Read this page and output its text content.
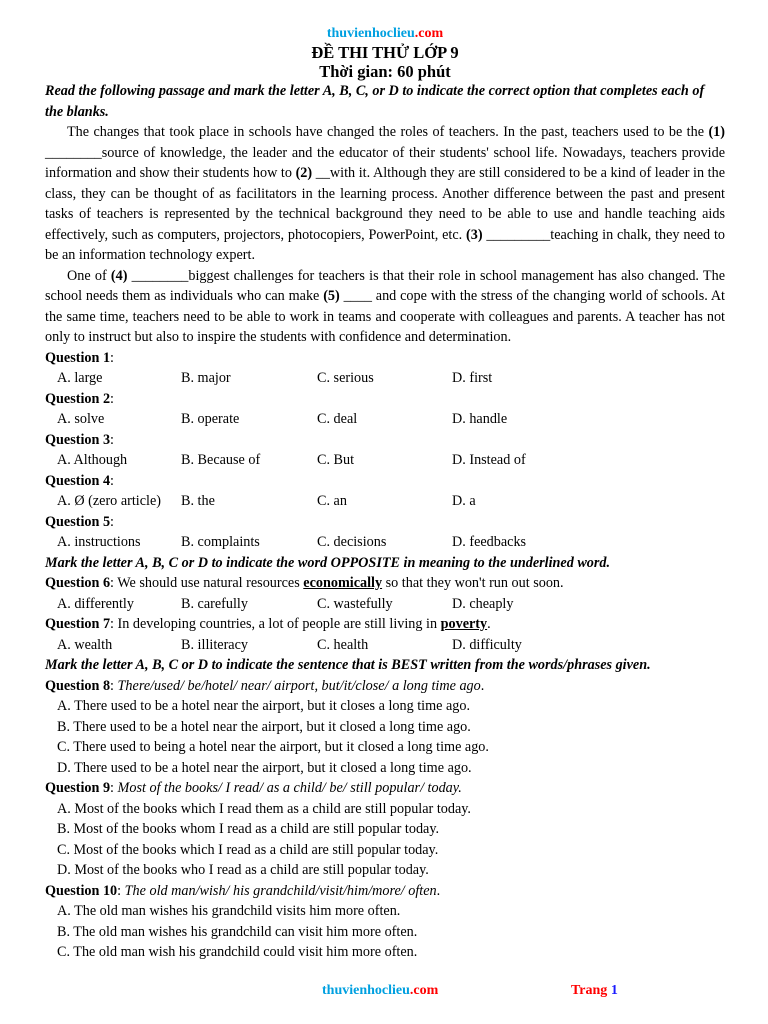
thuvienhoclieu.com
ĐỀ THI THỬ LỚP 9
Thời gian: 60 phút
Read the following passage and mark the letter A, B, C, or D to indicate the correct option that completes each of the blanks.
The changes that took place in schools have changed the roles of teachers. In the past, teachers used to be the (1) ________source of knowledge, the leader and the educator of their students' school life. Nowadays, teachers provide information and show their students how to (2) __with it. Although they are still considered to be a kind of leader in the class, they can be thought of as facilitators in the learning process. Another difference between the past and present tasks of teachers is represented by the technical background they need to be able to use and handle teaching aids effectively, such as computers, projectors, photocopiers, PowerPoint, etc. (3) _________teaching in chalk, they need to be an information technology expert.
One of (4) ________biggest challenges for teachers is that their role in school management has also changed. The school needs them as individuals who can make (5) ____ and cope with the stress of the changing world of schools. At the same time, teachers need to be able to work in teams and cooperate with colleagues and parents. A teacher has not only to instruct but also to inspire the students with confidence and determination.
Question 1:
A. large	B. major	C. serious	D. first
Question 2:
A. solve	B. operate	C. deal	D. handle
Question 3:
A. Although	B. Because of	C. But	D. Instead of
Question 4:
A. Ø (zero article)	B. the	C. an	D. a
Question 5:
A. instructions	B. complaints	C. decisions	D. feedbacks
Mark the letter A, B, C or D to indicate the word OPPOSITE in meaning to the underlined word.
Question 6: We should use natural resources economically so that they won't run out soon.
A. differently	B. carefully	C. wastefully	D. cheaply
Question 7: In developing countries, a lot of people are still living in poverty.
A. wealth	B. illiteracy	C. health	D. difficulty
Mark the letter A, B, C or D to indicate the sentence that is BEST written from the words/phrases given.
Question 8: There/used/ be/hotel/ near/ airport, but/it/close/ a long time ago.
A. There used to be a hotel near the airport, but it closes a long time ago.
B. There used to be a hotel near the airport, but it closed a long time ago.
C. There used to being a hotel near the airport, but it closed a long time ago.
D. There used to be a hotel near the airport, but it closed a long time ago.
Question 9: Most of the books/ I read/ as a child/ be/ still popular/ today.
A. Most of the books which I read them as a child are still popular today.
B. Most of the books whom I read as a child are still popular today.
C. Most of the books which I read as a child are still popular today.
D. Most of the books who I read as a child are still popular today.
Question 10: The old man/wish/ his grandchild/visit/him/more/ often.
A. The old man wishes his grandchild visits him more often.
B. The old man wishes his grandchild can visit him more often.
C. The old man wish his grandchild could visit him more often.
thuvienhoclieu.com	Trang 1
